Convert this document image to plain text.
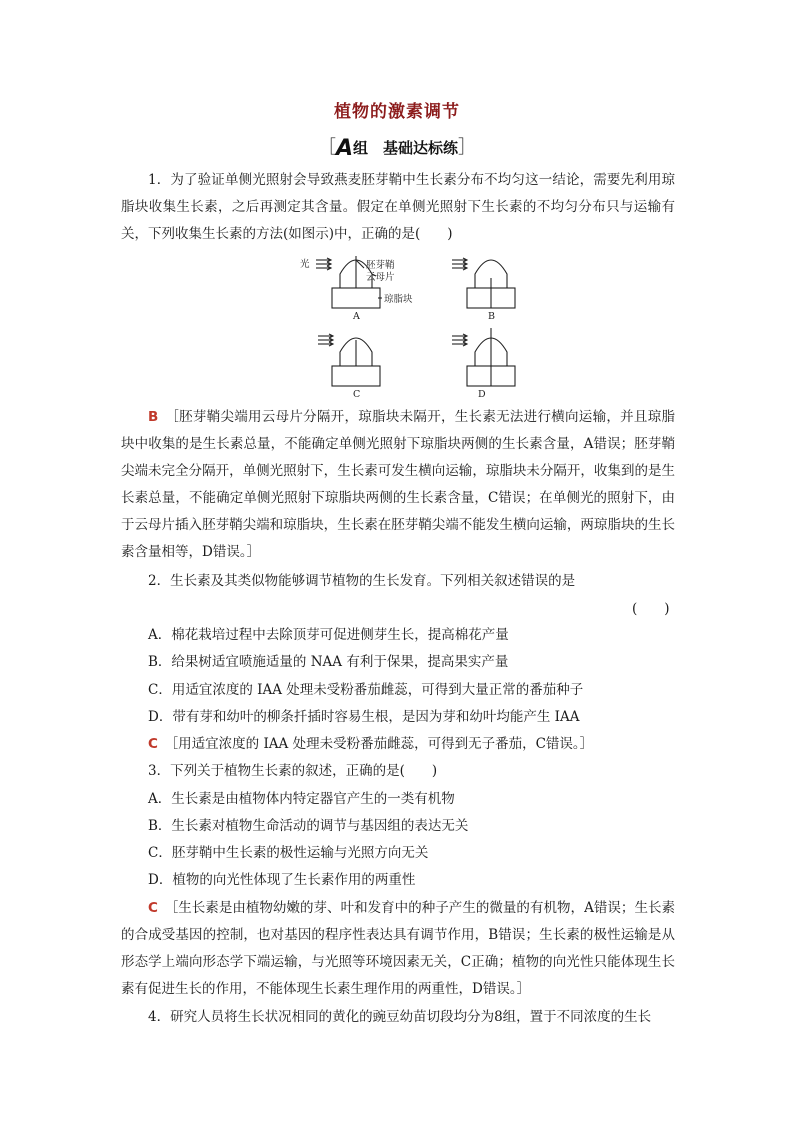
植物的激素调节
［A组　基础达标练］
1．为了验证单侧光照射会导致燕麦胚芽鞘中生长素分布不均匀这一结论，需要先利用琼脂块收集生长素，之后再测定其含量。假定在单侧光照射下生长素的不均匀分布只与运输有关，下列收集生长素的方法(如图示)中，正确的是(　　)
光	胚芽鞘
云母片
琼脂块
A	B
C	D
B  ［胚芽鞘尖端用云母片分隔开，琼脂块未隔开，生长素无法进行横向运输，并且琼脂块中收集的是生长素总量，不能确定单侧光照射下琼脂块两侧的生长素含量，A错误；胚芽鞘尖端未完全分隔开，单侧光照射下，生长素可发生横向运输，琼脂块未分隔开，收集到的是生长素总量，不能确定单侧光照射下琼脂块两侧的生长素含量，C错误；在单侧光的照射下，由于云母片插入胚芽鞘尖端和琼脂块，生长素在胚芽鞘尖端不能发生横向运输，两琼脂块的生长素含量相等，D错误。］
2．生长素及其类似物能够调节植物的生长发育。下列相关叙述错误的是
(　　)
A．棉花栽培过程中去除顶芽可促进侧芽生长，提高棉花产量
B．给果树适宜喷施适量的 NAA 有利于保果，提高果实产量
C．用适宜浓度的 IAA 处理未受粉番茄雌蕊，可得到大量正常的番茄种子
D．带有芽和幼叶的柳条扦插时容易生根，是因为芽和幼叶均能产生 IAA
C  ［用适宜浓度的 IAA 处理未受粉番茄雌蕊，可得到无子番茄，C错误。］
3．下列关于植物生长素的叙述，正确的是(　　)
A．生长素是由植物体内特定器官产生的一类有机物
B．生长素对植物生命活动的调节与基因组的表达无关
C．胚芽鞘中生长素的极性运输与光照方向无关
D．植物的向光性体现了生长素作用的两重性
C  ［生长素是由植物幼嫩的芽、叶和发育中的种子产生的微量的有机物，A错误；生长素的合成受基因的控制，也对基因的程序性表达具有调节作用，B错误；生长素的极性运输是从形态学上端向形态学下端运输，与光照等环境因素无关，C正确；植物的向光性只能体现生长素有促进生长的作用，不能体现生长素生理作用的两重性，D错误。］
4．研究人员将生长状况相同的黄化的豌豆幼苗切段均分为8组，置于不同浓度的生长
